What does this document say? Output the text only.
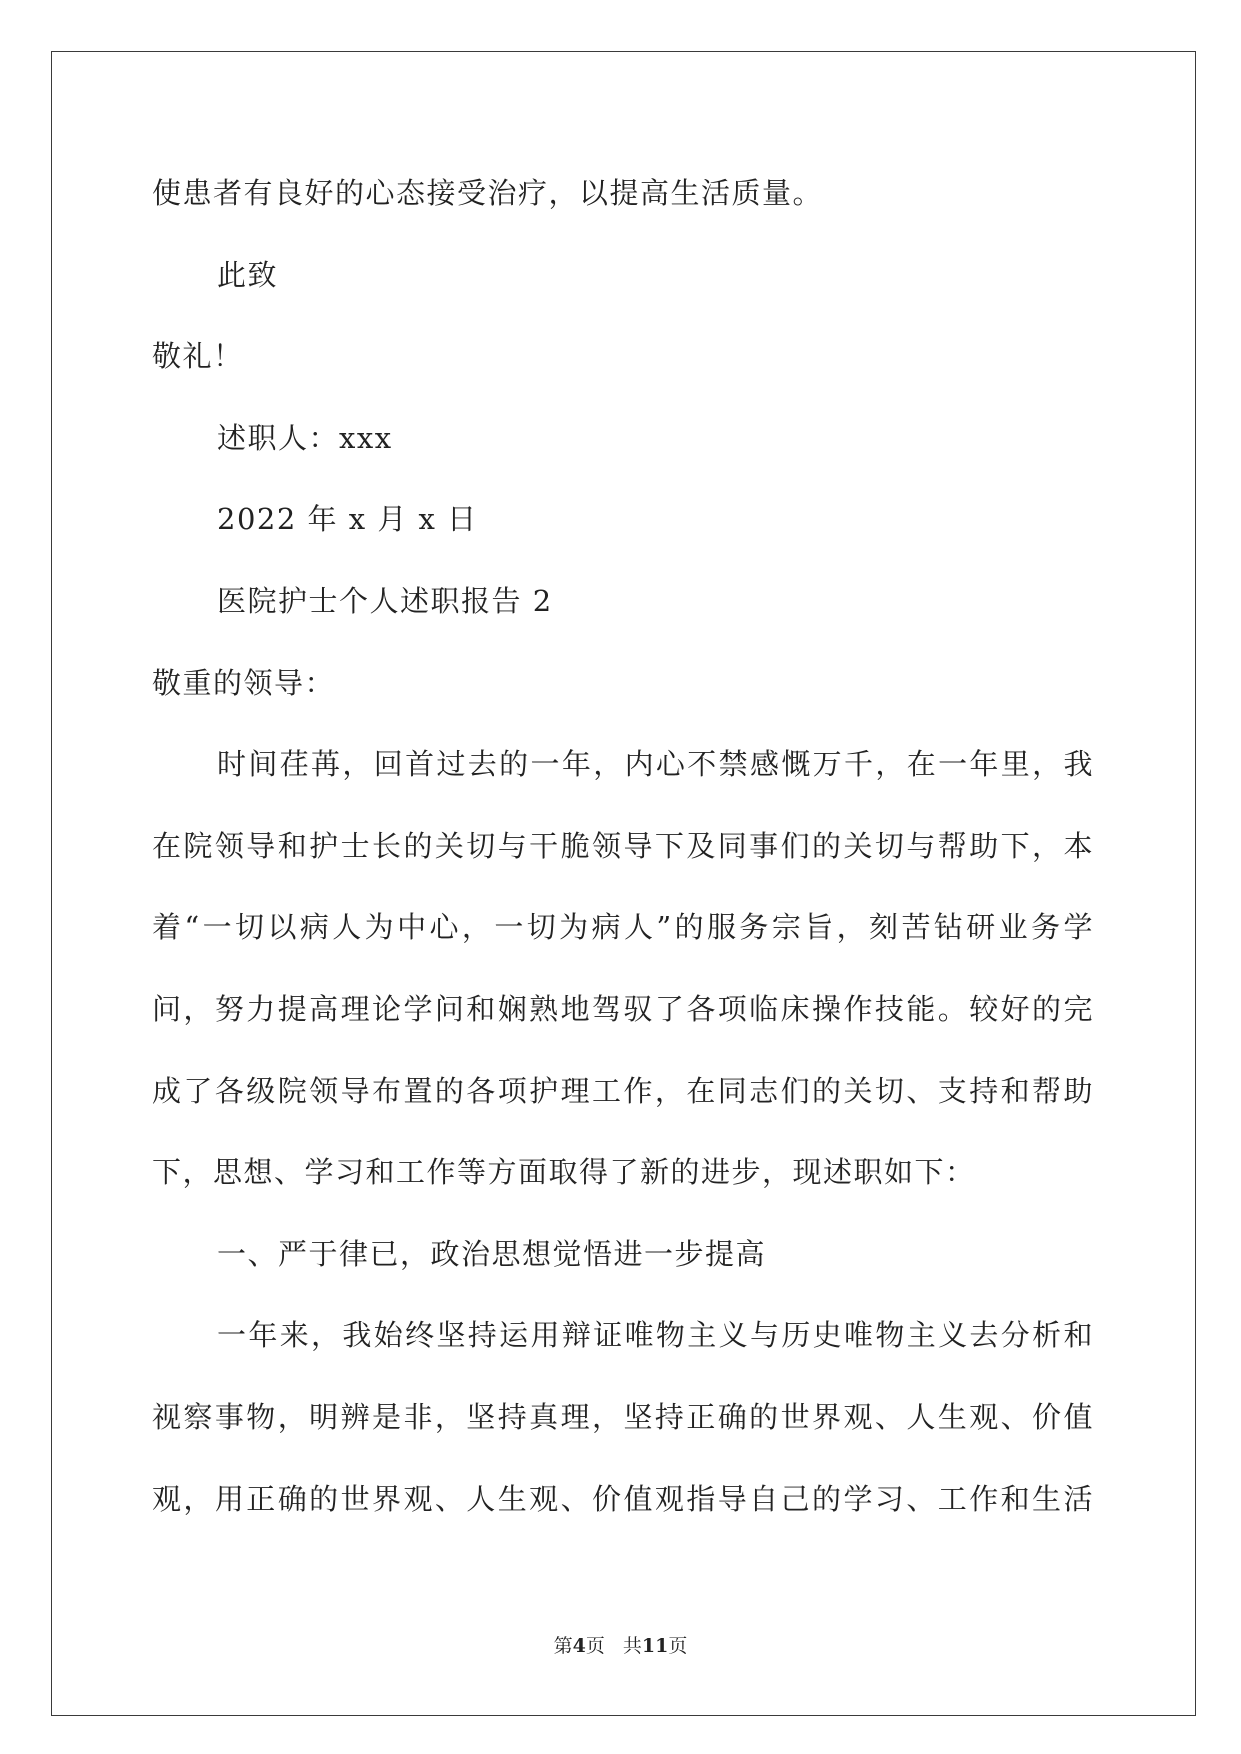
使患者有良好的心态接受治疗，以提高生活质量。
此致
敬礼！
述职人：xxx
2022 年 x 月 x 日
医院护士个人述职报告 2
敬重的领导：
时间荏苒，回首过去的一年，内心不禁感慨万千，在一年里，我
在院领导和护士长的关切与干脆领导下及同事们的关切与帮助下，本
着“一切以病人为中心，一切为病人”的服务宗旨，刻苦钻研业务学
问，努力提高理论学问和娴熟地驾驭了各项临床操作技能。较好的完
成了各级院领导布置的各项护理工作，在同志们的关切、支持和帮助
下，思想、学习和工作等方面取得了新的进步，现述职如下：
一、严于律已，政治思想觉悟进一步提高
一年来，我始终坚持运用辩证唯物主义与历史唯物主义去分析和
视察事物，明辨是非，坚持真理，坚持正确的世界观、人生观、价值
观，用正确的世界观、人生观、价值观指导自己的学习、工作和生活
第4页 共11页
